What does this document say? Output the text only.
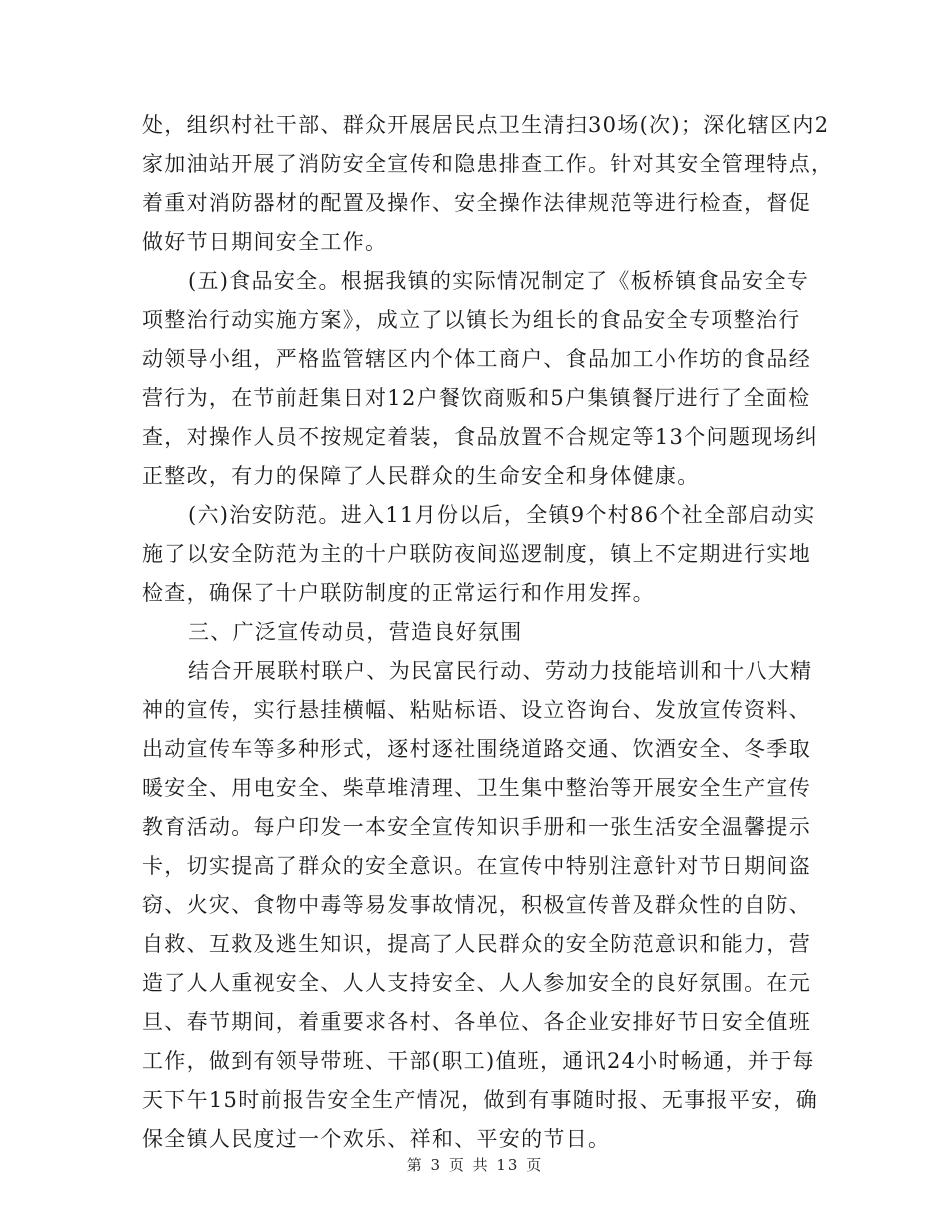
处，组织村社干部、群众开展居民点卫生清扫30场(次)；深化辖区内2
家加油站开展了消防安全宣传和隐患排查工作。针对其安全管理特点，
着重对消防器材的配置及操作、安全操作法律规范等进行检查，督促
做好节日期间安全工作。
(五)食品安全。根据我镇的实际情况制定了《板桥镇食品安全专
项整治行动实施方案》，成立了以镇长为组长的食品安全专项整治行
动领导小组，严格监管辖区内个体工商户、食品加工小作坊的食品经
营行为，在节前赶集日对12户餐饮商贩和5户集镇餐厅进行了全面检
查，对操作人员不按规定着装，食品放置不合规定等13个问题现场纠
正整改，有力的保障了人民群众的生命安全和身体健康。
(六)治安防范。进入11月份以后，全镇9个村86个社全部启动实
施了以安全防范为主的十户联防夜间巡逻制度，镇上不定期进行实地
检查，确保了十户联防制度的正常运行和作用发挥。
三、广泛宣传动员，营造良好氛围
结合开展联村联户、为民富民行动、劳动力技能培训和十八大精
神的宣传，实行悬挂横幅、粘贴标语、设立咨询台、发放宣传资料、
出动宣传车等多种形式，逐村逐社围绕道路交通、饮酒安全、冬季取
暖安全、用电安全、柴草堆清理、卫生集中整治等开展安全生产宣传
教育活动。每户印发一本安全宣传知识手册和一张生活安全温馨提示
卡，切实提高了群众的安全意识。在宣传中特别注意针对节日期间盗
窃、火灾、食物中毒等易发事故情况，积极宣传普及群众性的自防、
自救、互救及逃生知识，提高了人民群众的安全防范意识和能力，营
造了人人重视安全、人人支持安全、人人参加安全的良好氛围。在元
旦、春节期间，着重要求各村、各单位、各企业安排好节日安全值班
工作，做到有领导带班、干部(职工)值班，通讯24小时畅通，并于每
天下午15时前报告安全生产情况，做到有事随时报、无事报平安，确
保全镇人民度过一个欢乐、祥和、平安的节日。
第 3 页 共 13 页
